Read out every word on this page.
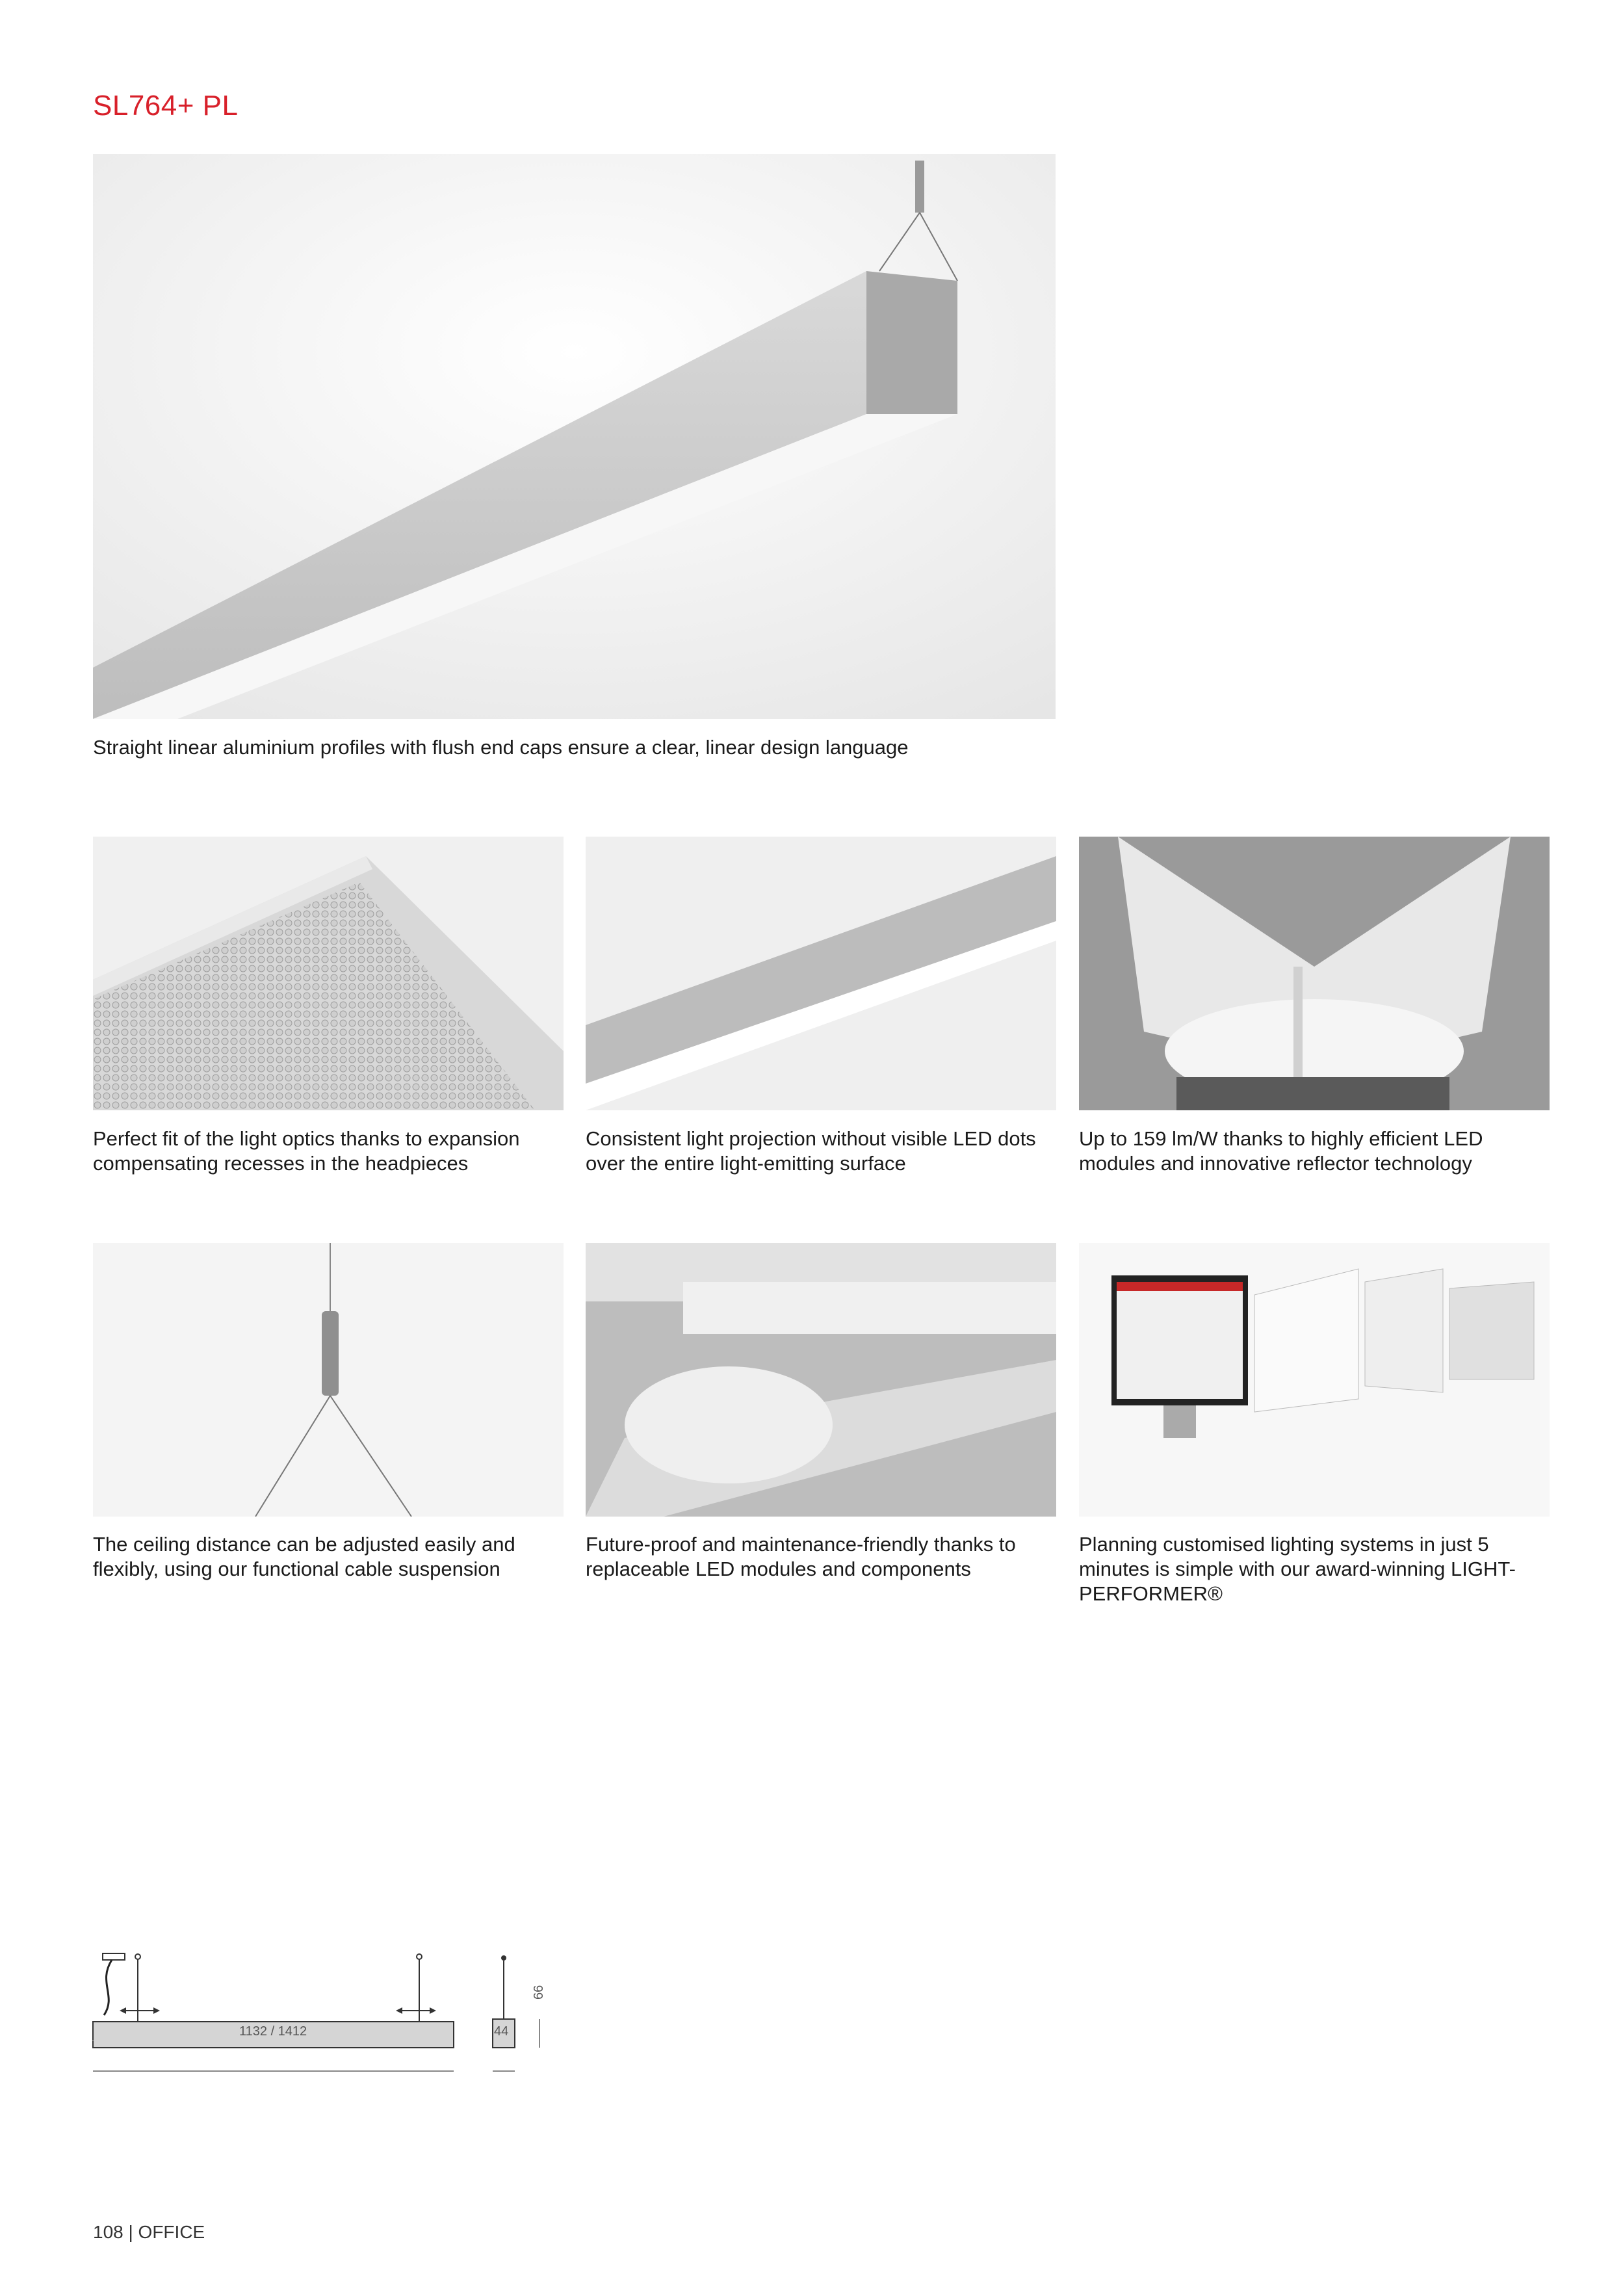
SL764+ PL
Straight linear aluminium profiles with flush end caps ensure a clear, linear design language
Perfect fit of the light optics thanks to expansion compensating recesses in the headpieces
Consistent light projection without visible LED dots over the entire light-emitting surface
Up to 159 lm/W thanks to highly efficient LED modules and innovative reflector technology
The ceiling distance can be adjusted easily and flexibly, using our functional cable suspension
Future-proof and maintenance-friendly thanks to replaceable LED modules and components
Planning customised lighting systems in just 5 minutes is simple with our award-winning LIGHT-PERFORMER®
1132 / 1412	44
66
108 | OFFICE
